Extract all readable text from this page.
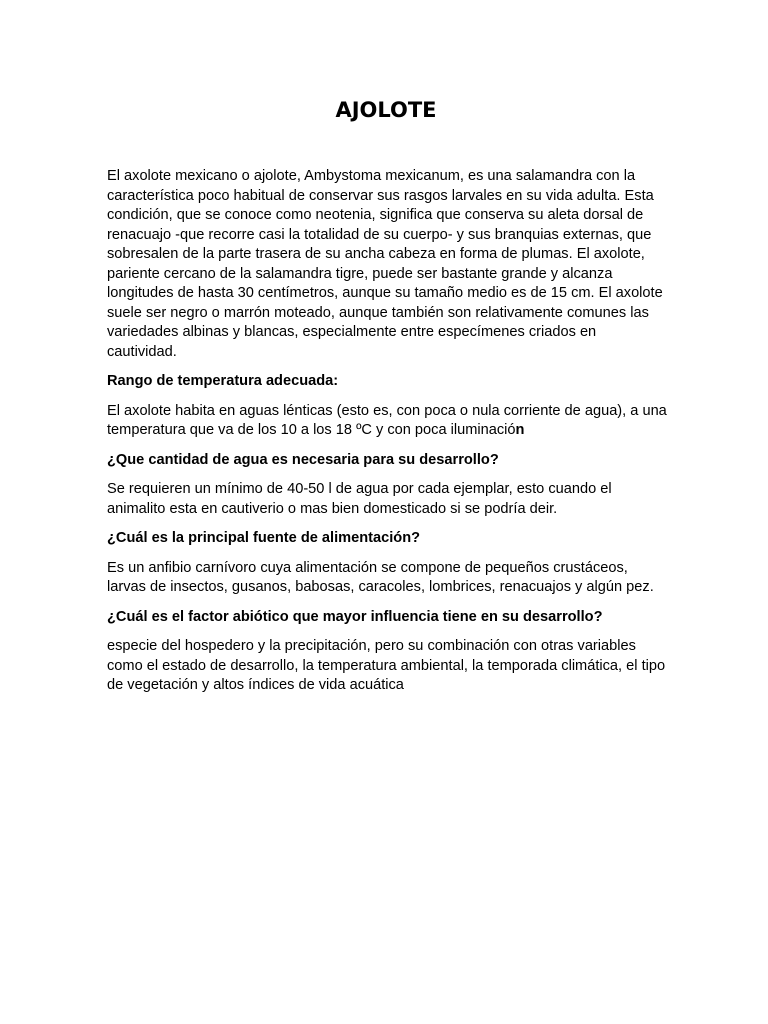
AJOLOTE

El axolote mexicano o ajolote, Ambystoma mexicanum, es una salamandra con la característica poco habitual de conservar sus rasgos larvales en su vida adulta. Esta condición, que se conoce como neotenia, significa que conserva su aleta dorsal de renacuajo -que recorre casi la totalidad de su cuerpo- y sus branquias externas, que sobresalen de la parte trasera de su ancha cabeza en forma de plumas. El axolote, pariente cercano de la salamandra tigre, puede ser bastante grande y alcanza longitudes de hasta 30 centímetros, aunque su tamaño medio es de 15 cm. El axolote suele ser negro o marrón moteado, aunque también son relativamente comunes las variedades albinas y blancas, especialmente entre especímenes criados en cautividad.

Rango de temperatura adecuada:

El axolote habita en aguas lénticas (esto es, con poca o nula corriente de agua), a una temperatura que va de los 10 a los 18 ºC y con poca iluminación

¿Que cantidad de agua es necesaria para su desarrollo?

Se requieren un mínimo de 40-50 l de agua por cada ejemplar, esto cuando el animalito esta en cautiverio o mas bien domesticado si se podría deir.

¿Cuál es la principal fuente de alimentación?

Es un anfibio carnívoro cuya alimentación se compone de pequeños crustáceos, larvas de insectos, gusanos, babosas, caracoles, lombrices, renacuajos y algún pez.

¿Cuál es el factor abiótico que mayor influencia tiene en su desarrollo?

especie del hospedero y la precipitación, pero su combinación con otras variables como el estado de desarrollo, la temperatura ambiental, la temporada climática, el tipo de vegetación y altos índices de vida acuática
